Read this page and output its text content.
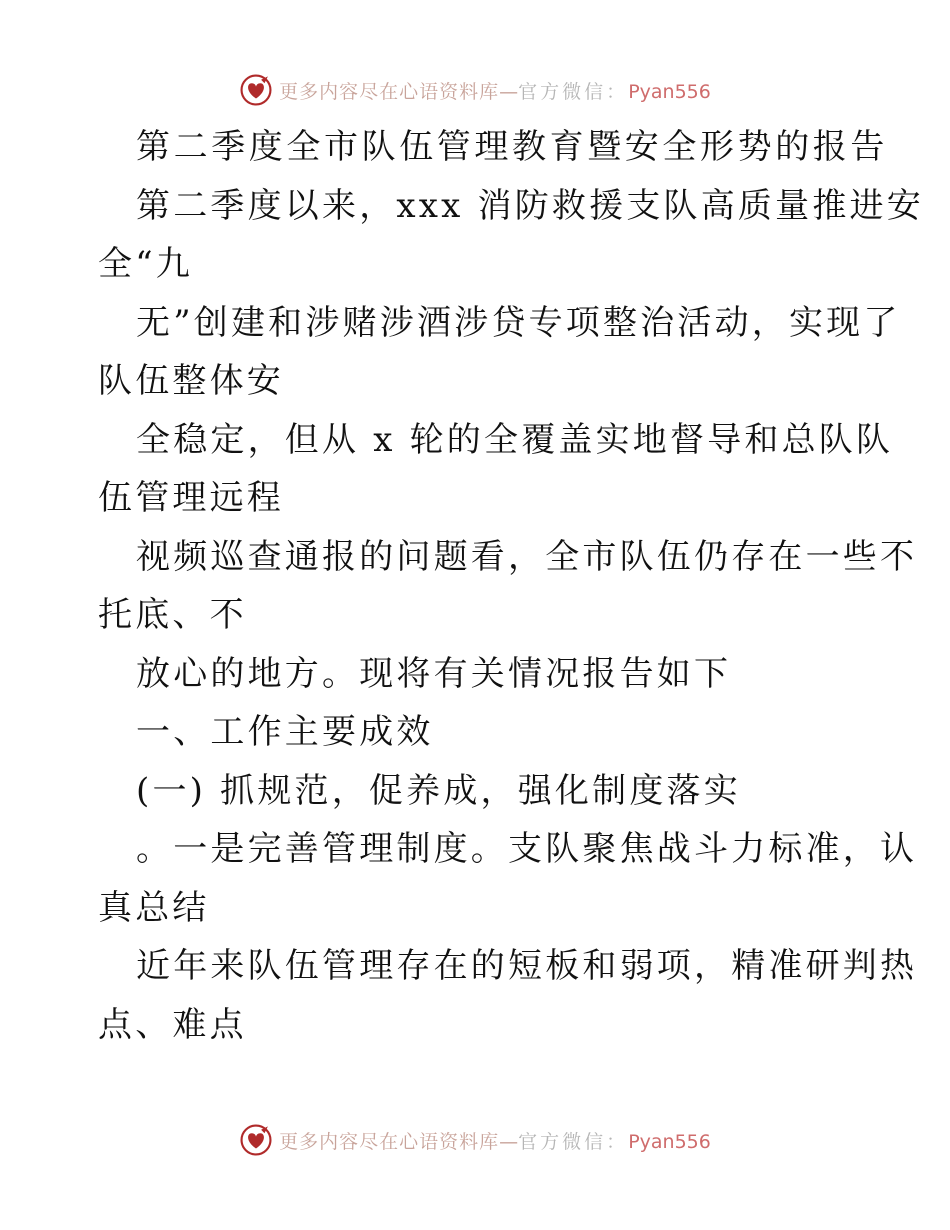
更多内容尽在心语资料库 — 官方微信： Pyan556
第二季度全市队伍管理教育暨安全形势的报告
第二季度以来，xxx 消防救援支队高质量推进安
全“九
无”创建和涉赌涉酒涉贷专项整治活动，实现了
队伍整体安
全稳定，但从 x 轮的全覆盖实地督导和总队队
伍管理远程
视频巡查通报的问题看，全市队伍仍存在一些不
托底、不
放心的地方。现将有关情况报告如下
一、工作主要成效
(一) 抓规范，促养成，强化制度落实
。一是完善管理制度。支队聚焦战斗力标准，认
真总结
近年来队伍管理存在的短板和弱项，精准研判热
点、难点
更多内容尽在心语资料库 — 官方微信： Pyan556
